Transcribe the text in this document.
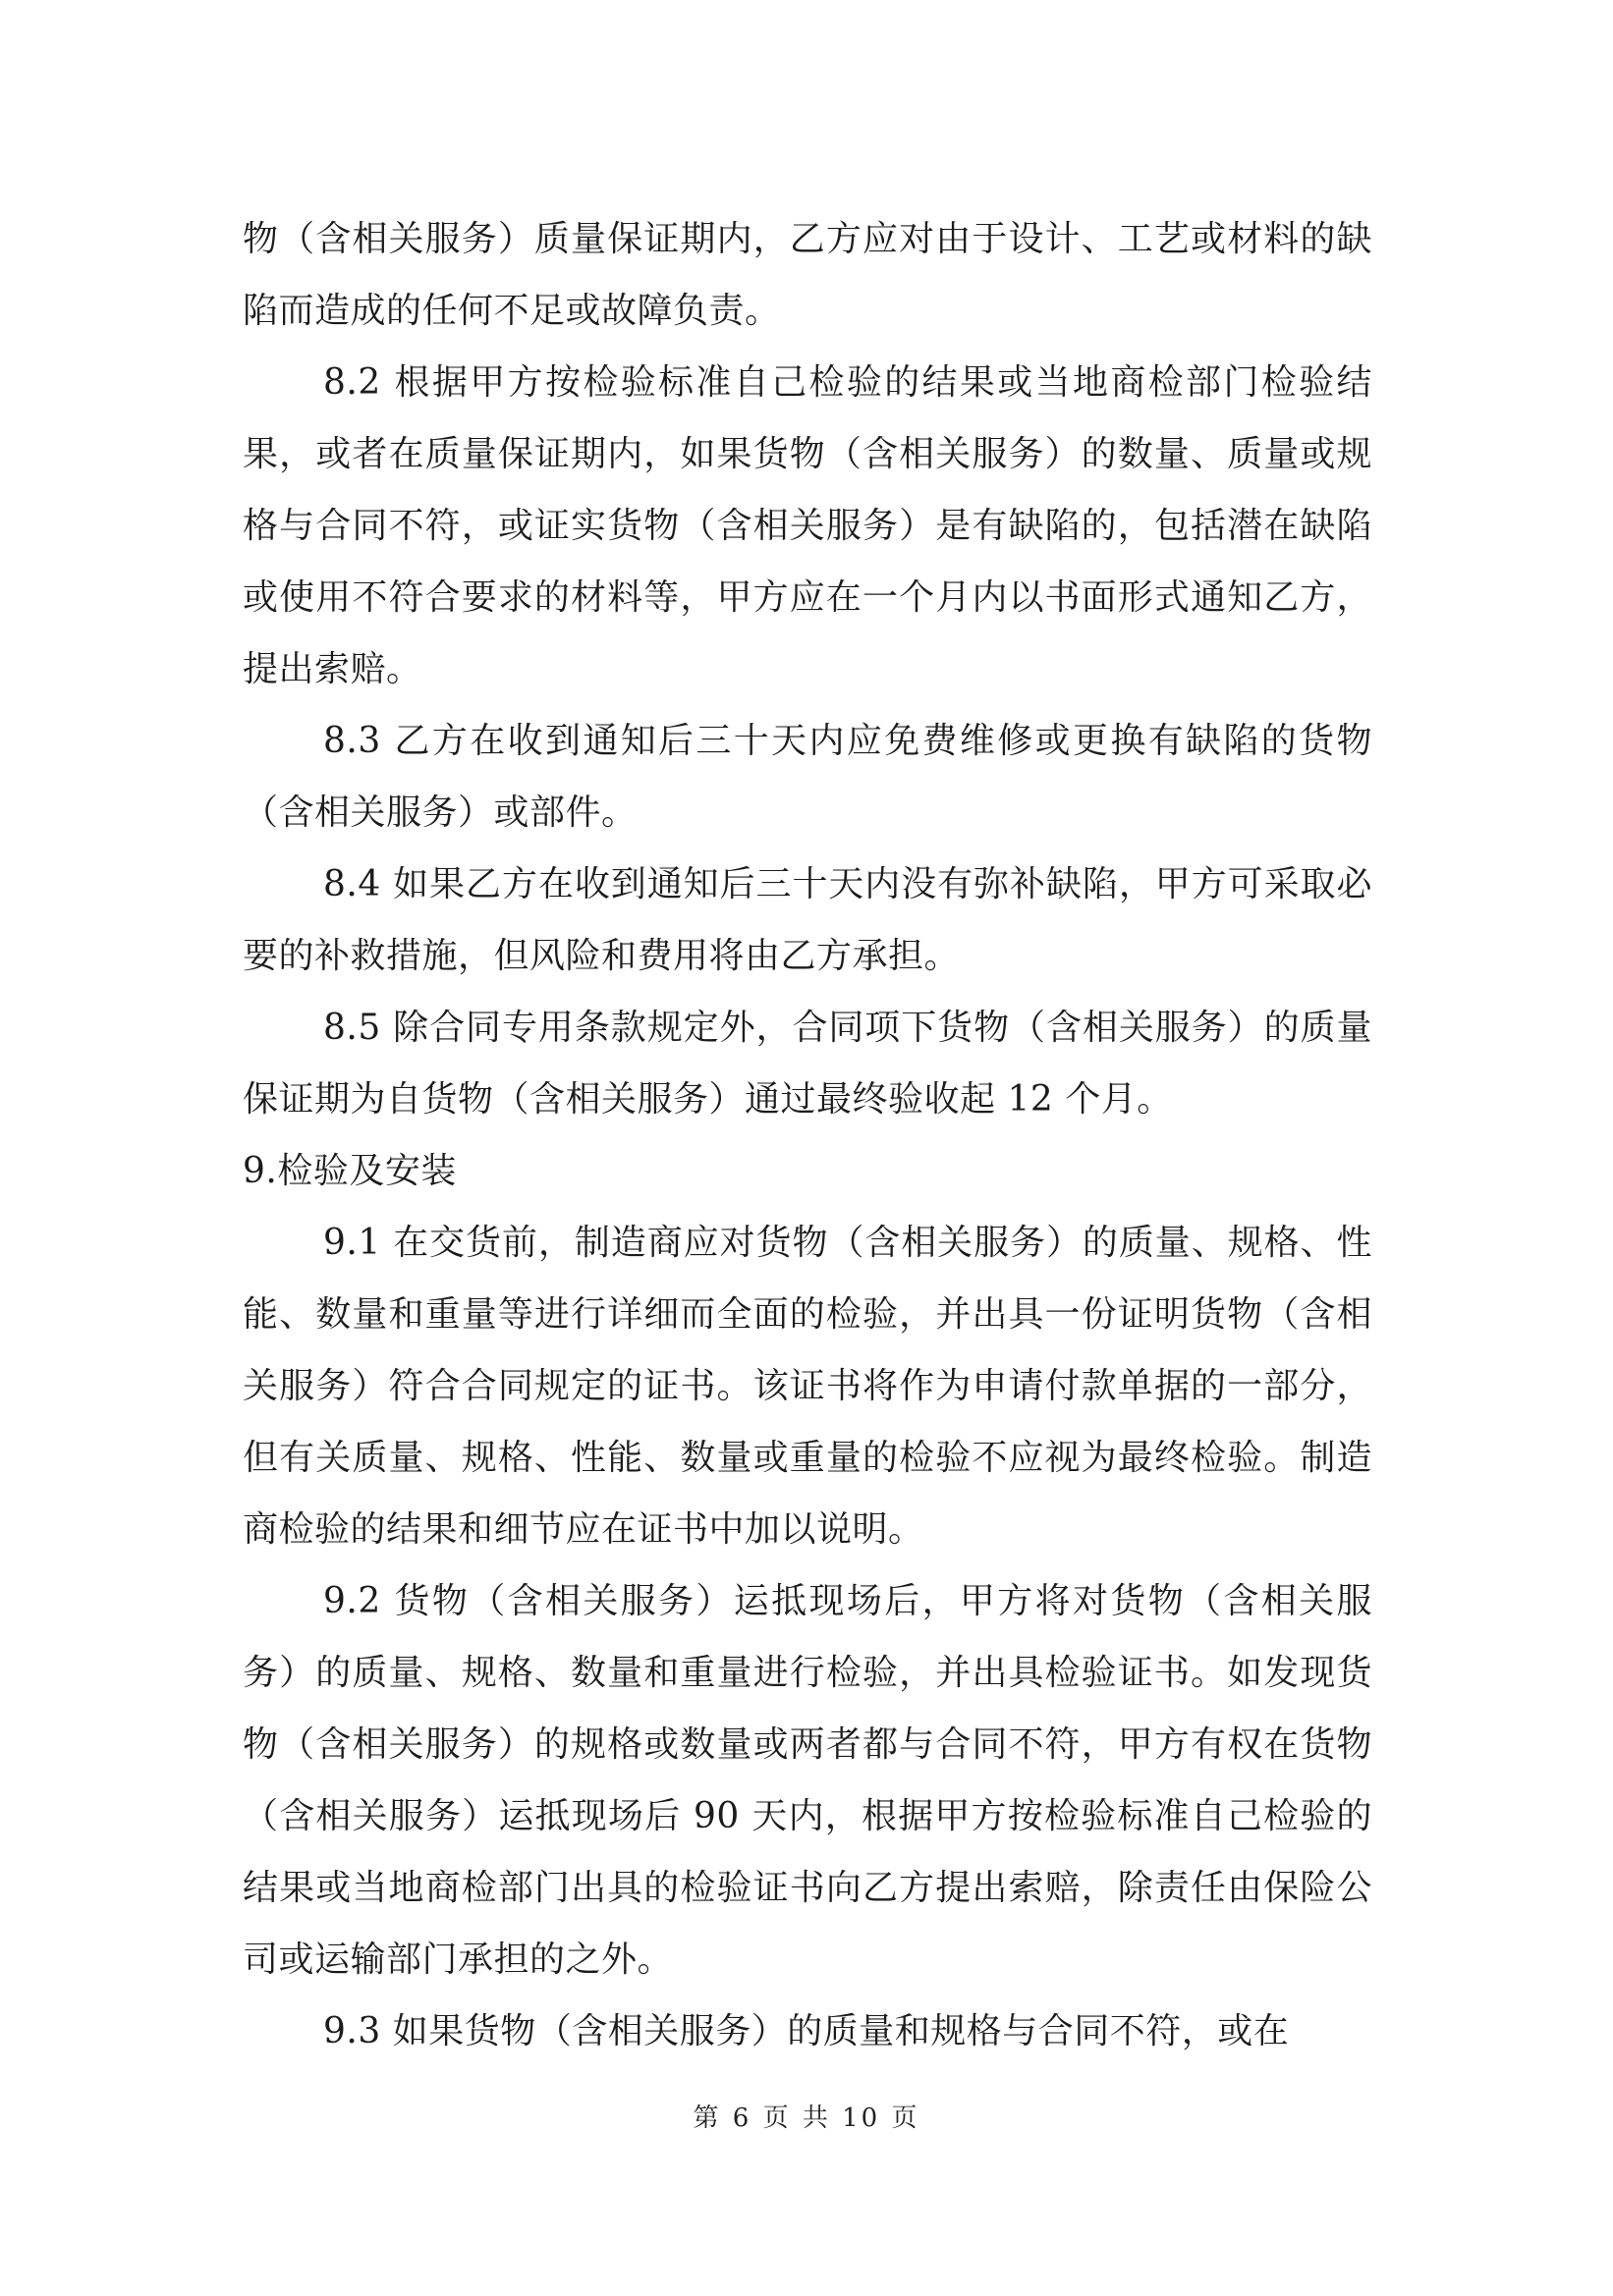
物（含相关服务）质量保证期内，乙方应对由于设计、工艺或材料的缺陷而造成的任何不足或故障负责。

8.2 根据甲方按检验标准自己检验的结果或当地商检部门检验结果，或者在质量保证期内，如果货物（含相关服务）的数量、质量或规格与合同不符，或证实货物（含相关服务）是有缺陷的，包括潜在缺陷或使用不符合要求的材料等，甲方应在一个月内以书面形式通知乙方，提出索赔。

8.3 乙方在收到通知后三十天内应免费维修或更换有缺陷的货物（含相关服务）或部件。

8.4 如果乙方在收到通知后三十天内没有弥补缺陷，甲方可采取必要的补救措施，但风险和费用将由乙方承担。

8.5 除合同专用条款规定外，合同项下货物（含相关服务）的质量保证期为自货物（含相关服务）通过最终验收起 12 个月。

9.检验及安装

9.1 在交货前，制造商应对货物（含相关服务）的质量、规格、性能、数量和重量等进行详细而全面的检验，并出具一份证明货物（含相关服务）符合合同规定的证书。该证书将作为申请付款单据的一部分，但有关质量、规格、性能、数量或重量的检验不应视为最终检验。制造商检验的结果和细节应在证书中加以说明。

9.2 货物（含相关服务）运抵现场后，甲方将对货物（含相关服务）的质量、规格、数量和重量进行检验，并出具检验证书。如发现货物（含相关服务）的规格或数量或两者都与合同不符，甲方有权在货物（含相关服务）运抵现场后 90 天内，根据甲方按检验标准自己检验的结果或当地商检部门出具的检验证书向乙方提出索赔，除责任由保险公司或运输部门承担的之外。

9.3 如果货物（含相关服务）的质量和规格与合同不符，或在

第 6 页 共 10 页
